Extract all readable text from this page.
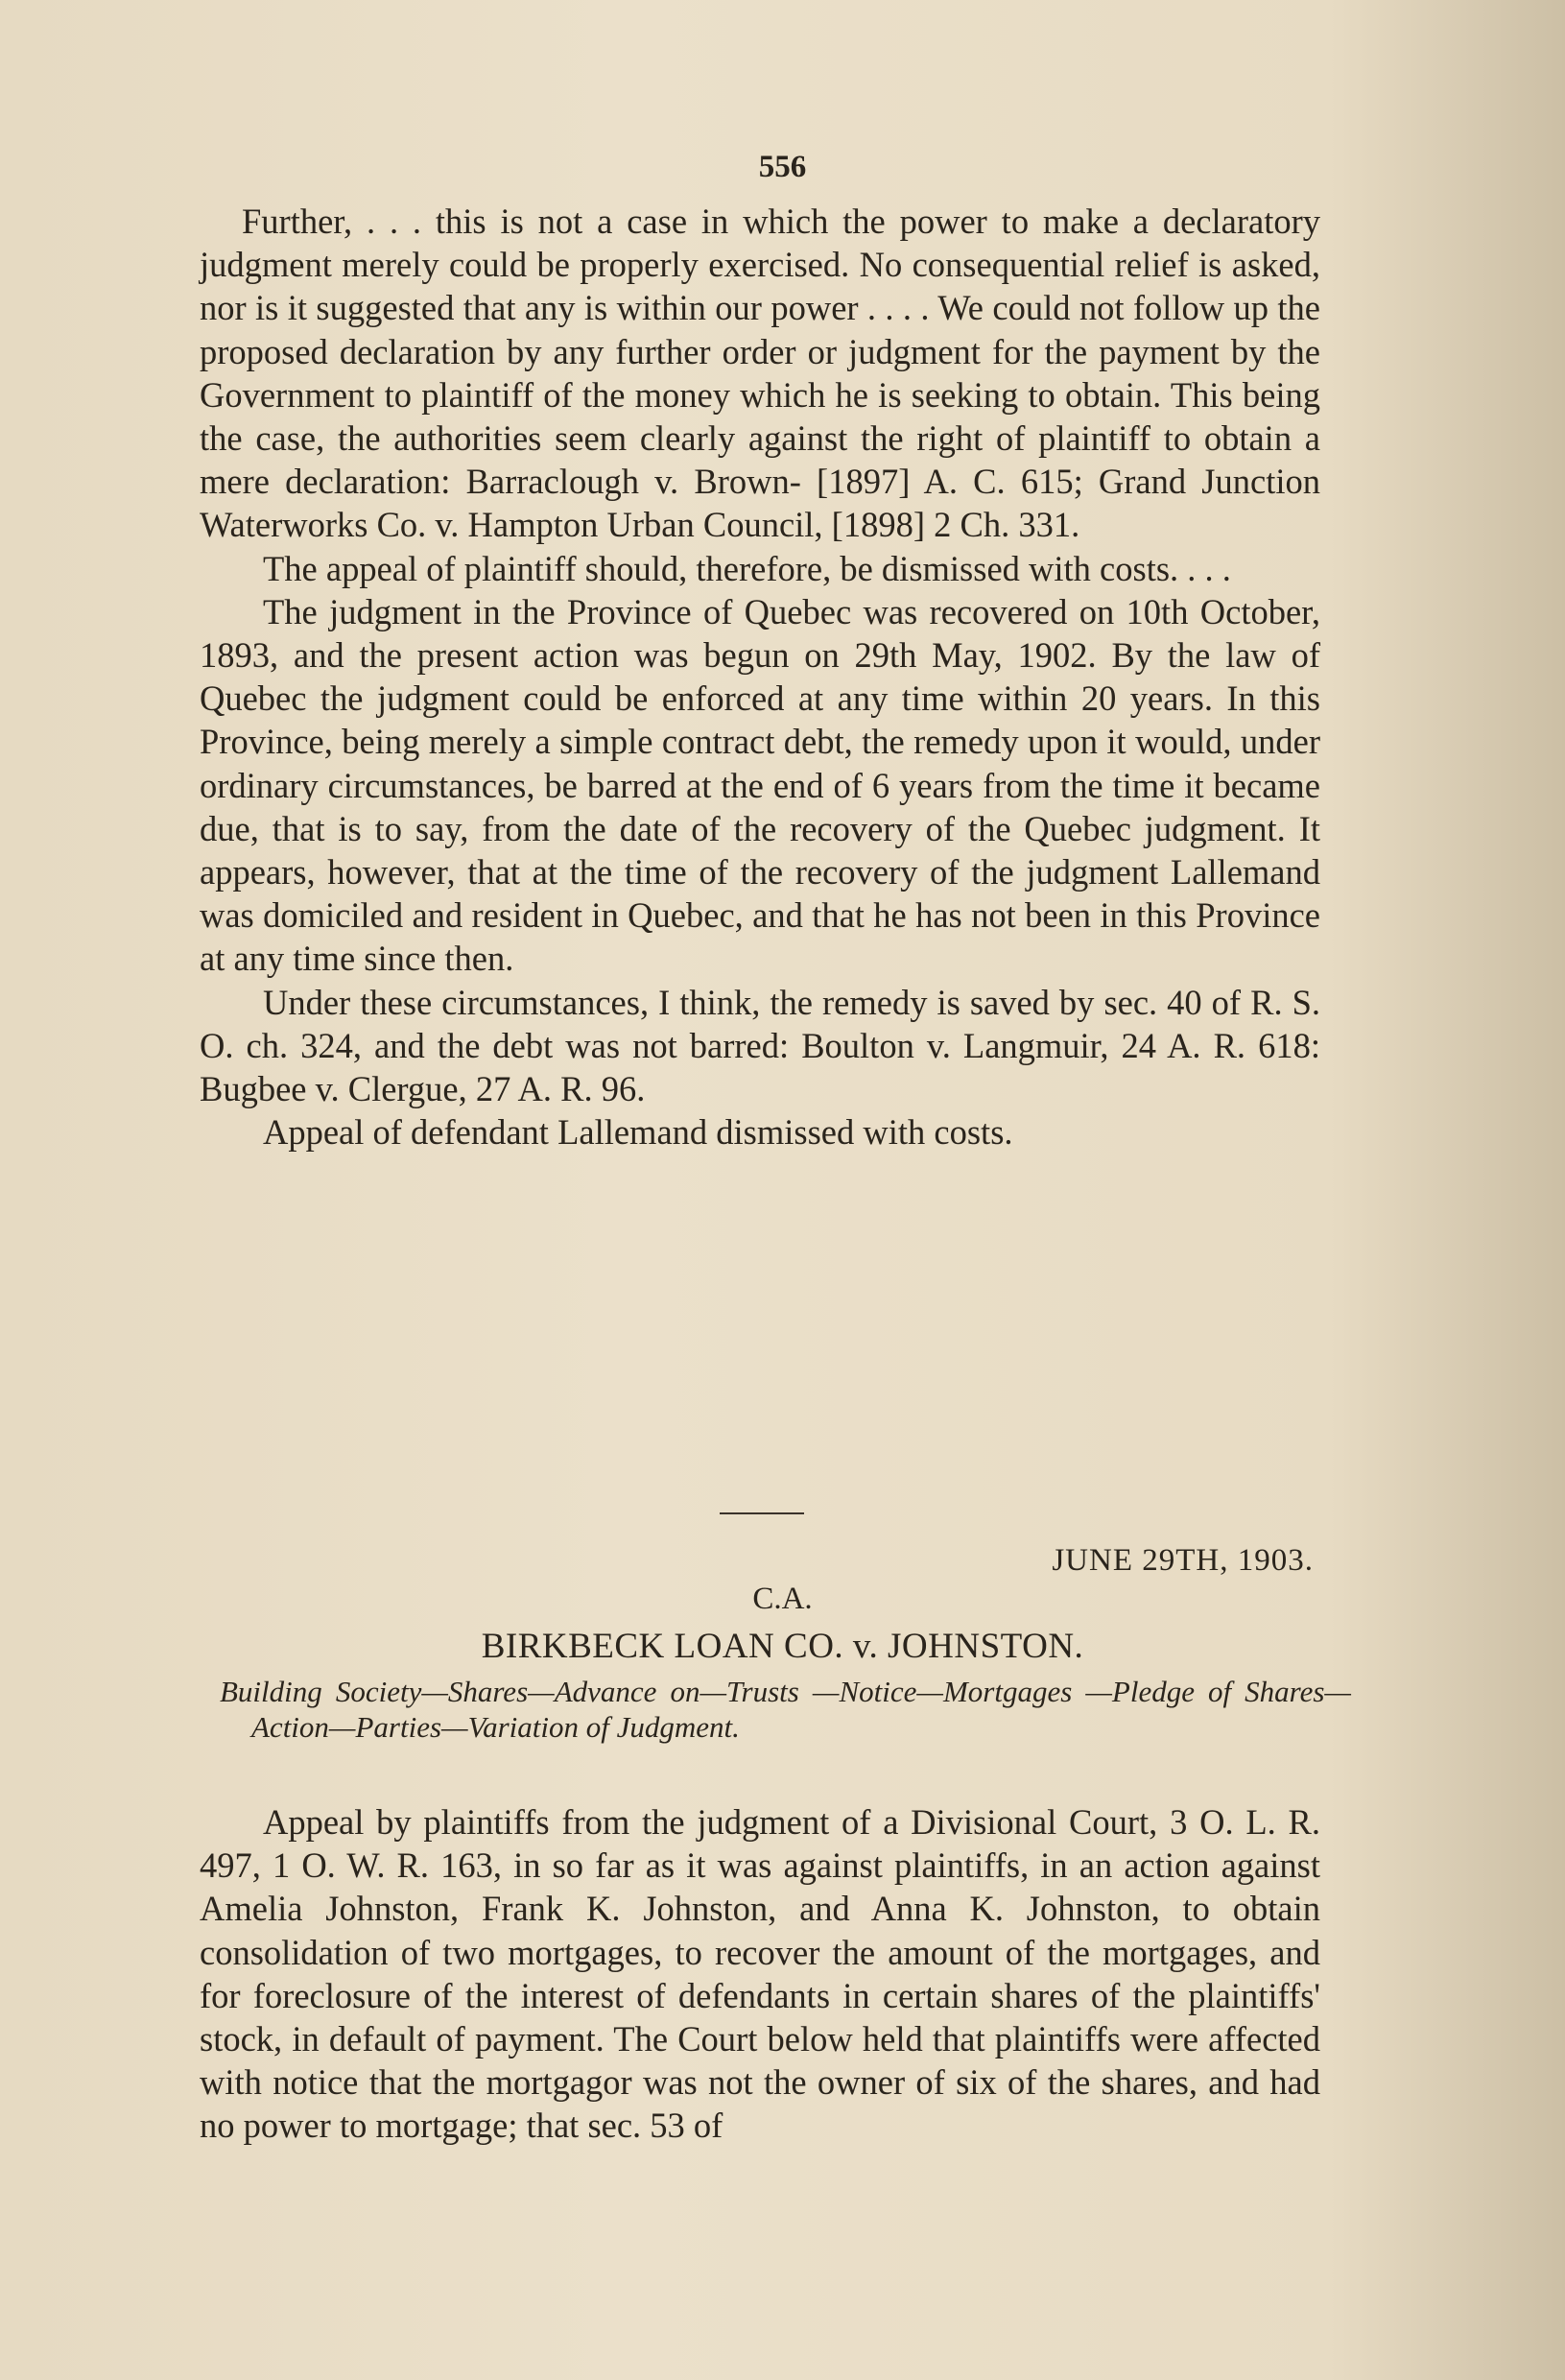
556

Further, . . . this is not a case in which the power to make a declaratory judgment merely could be properly exercised. No consequential relief is asked, nor is it suggested that any is within our power . . . . We could not follow up the proposed declaration by any further order or judgment for the payment by the Government to plaintiff of the money which he is seeking to obtain. This being the case, the authorities seem clearly against the right of plaintiff to obtain a mere declaration: Barraclough v. Brown- [1897] A. C. 615; Grand Junction Waterworks Co. v. Hampton Urban Council, [1898] 2 Ch. 331.

The appeal of plaintiff should, therefore, be dismissed with costs. . . .

The judgment in the Province of Quebec was recovered on 10th October, 1893, and the present action was begun on 29th May, 1902. By the law of Quebec the judgment could be enforced at any time within 20 years. In this Province, being merely a simple contract debt, the remedy upon it would, under ordinary circumstances, be barred at the end of 6 years from the time it became due, that is to say, from the date of the recovery of the Quebec judgment. It appears, however, that at the time of the recovery of the judgment Lallemand was domiciled and resident in Quebec, and that he has not been in this Province at any time since then.

Under these circumstances, I think, the remedy is saved by sec. 40 of R. S. O. ch. 324, and the debt was not barred: Boulton v. Langmuir, 24 A. R. 618: Bugbee v. Clergue, 27 A. R. 96.

Appeal of defendant Lallemand dismissed with costs.

JUNE 29TH, 1903.
C.A.
BIRKBECK LOAN CO. v. JOHNSTON.
Building Society—Shares—Advance on—Trusts —Notice—Mortgages —Pledge of Shares—Action—Parties—Variation of Judgment.

Appeal by plaintiffs from the judgment of a Divisional Court, 3 O. L. R. 497, 1 O. W. R. 163, in so far as it was against plaintiffs, in an action against Amelia Johnston, Frank K. Johnston, and Anna K. Johnston, to obtain consolidation of two mortgages, to recover the amount of the mortgages, and for foreclosure of the interest of defendants in certain shares of the plaintiffs' stock, in default of payment. The Court below held that plaintiffs were affected with notice that the mortgagor was not the owner of six of the shares, and had no power to mortgage; that sec. 53 of
